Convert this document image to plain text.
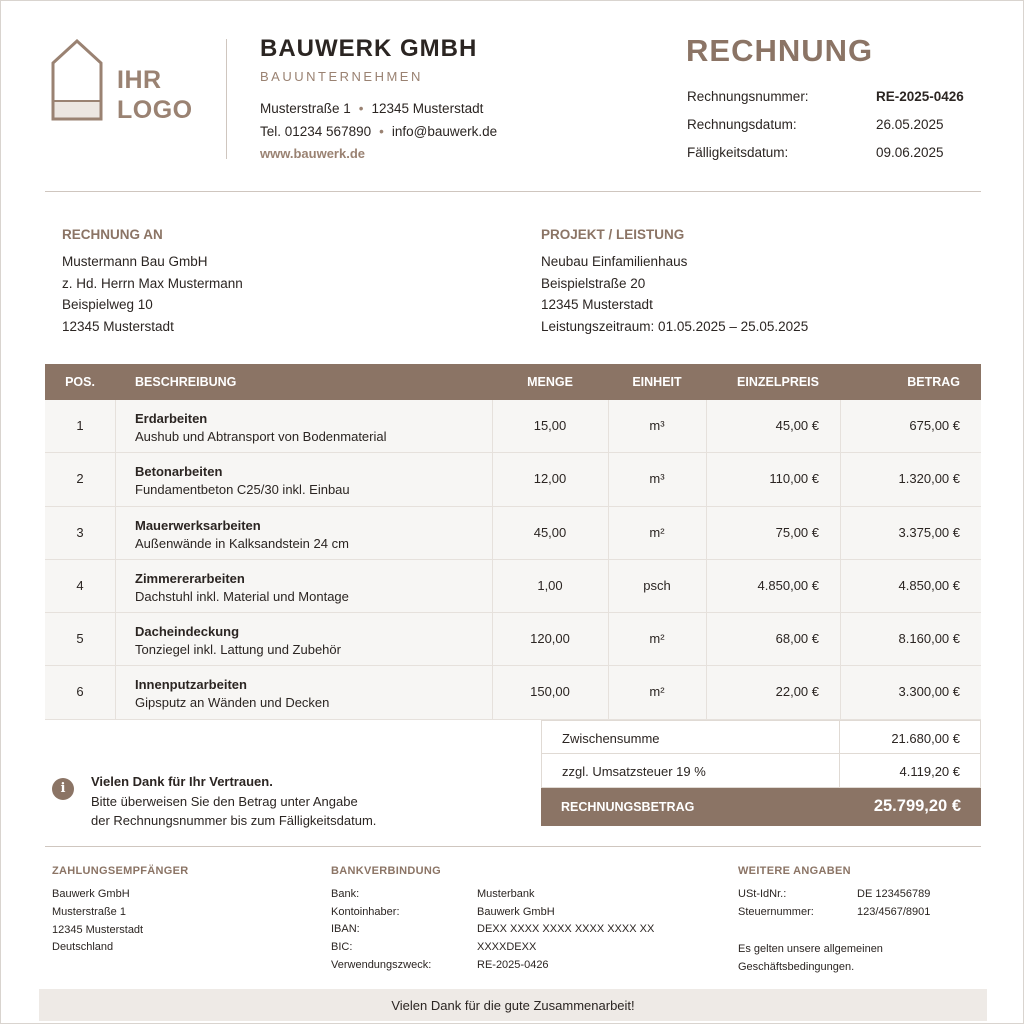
IHR
LOGO
BAUWERK GMBH
BAUUNTERNEHMEN
Musterstraße 1 • 12345 Musterstadt
Tel. 01234 567890 • info@bauwerk.de
www.bauwerk.de
RECHNUNG
Rechnungsnummer:	RE-2025-0426
Rechnungsdatum:	26.05.2025
Fälligkeitsdatum:	09.06.2025
RECHNUNG AN
Mustermann Bau GmbH
z. Hd. Herrn Max Mustermann
Beispielweg 10
12345 Musterstadt
PROJEKT / LEISTUNG
Neubau Einfamilienhaus
Beispielstraße 20
12345 Musterstadt
Leistungszeitraum: 01.05.2025 – 25.05.2025
POS.	BESCHREIBUNG	MENGE	EINHEIT	EINZELPREIS	BETRAG
1	Erdarbeiten
Aushub und Abtransport von Bodenmaterial
15,00	m³	45,00 €	675,00 €
2	Betonarbeiten
Fundamentbeton C25/30 inkl. Einbau
12,00	m³	110,00 €	1.320,00 €
3	Mauerwerksarbeiten
Außenwände in Kalksandstein 24 cm
45,00	m²	75,00 €	3.375,00 €
4	Zimmererarbeiten
Dachstuhl inkl. Material und Montage
1,00	psch	4.850,00 €	4.850,00 €
5	Dacheindeckung
Tonziegel inkl. Lattung und Zubehör
120,00	m²	68,00 €	8.160,00 €
6	Innenputzarbeiten
Gipsputz an Wänden und Decken
150,00	m²	22,00 €	3.300,00 €
Zwischensumme	21.680,00 €
zzgl. Umsatzsteuer 19 %	4.119,20 €
RECHNUNGSBETRAG	25.799,20 €
i	Vielen Dank für Ihr Vertrauen.
Bitte überweisen Sie den Betrag unter Angabe
der Rechnungsnummer bis zum Fälligkeitsdatum.
ZAHLUNGSEMPFÄNGER
Bauwerk GmbH
Musterstraße 1
12345 Musterstadt
Deutschland
BANKVERBINDUNG
Bank:	Musterbank
Kontoinhaber:	Bauwerk GmbH
IBAN:	DEXX XXXX XXXX XXXX XXXX XX
BIC:	XXXXDEXX
Verwendungszweck:	RE-2025-0426
WEITERE ANGABEN
USt-IdNr.:	DE 123456789
Steuernummer:	123/4567/8901
Es gelten unsere allgemeinen
Geschäftsbedingungen.
Vielen Dank für die gute Zusammenarbeit!
